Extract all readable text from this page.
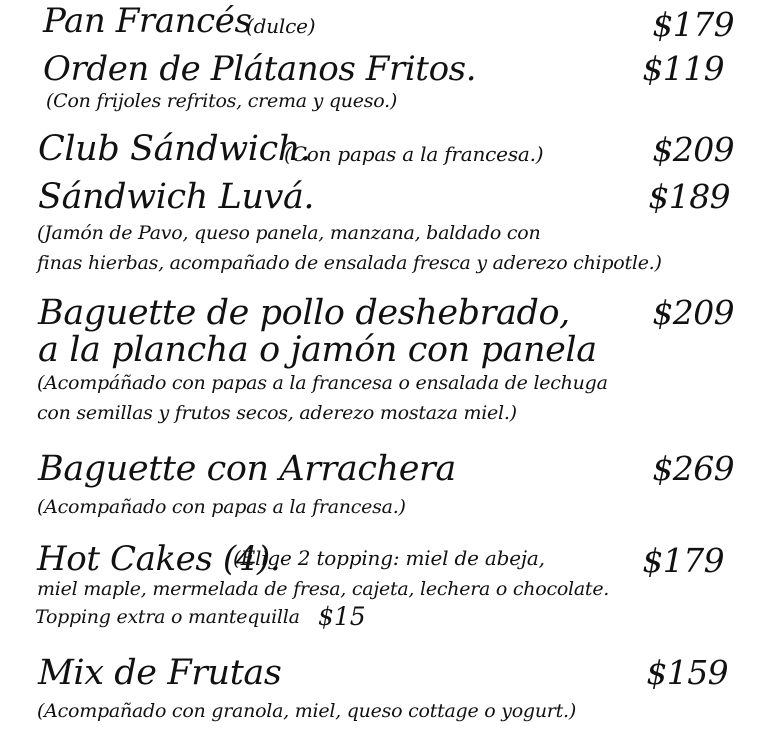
Pan Francés
(dulce)	$179
Orden de Plátanos Fritos.	$119
(Con frijoles refritos, crema y queso.)
Club Sándwich.
(Con papas a la francesa.)	$209
Sándwich Luvá.	$189
(Jamón de Pavo, queso panela, manzana, baldado con
finas hierbas, acompañado de ensalada fresca y aderezo chipotle.)
Baguette de pollo deshebrado,
a la plancha o jamón con panela
$209
(Acompáñado con papas a la francesa o ensalada de lechuga
con semillas y frutos secos, aderezo mostaza miel.)
Baguette con Arrachera	$269
(Acompañado con papas a la francesa.)
Hot Cakes (4).
(Elige 2 topping: miel de abeja,	$179
miel maple, mermelada de fresa, cajeta, lechera o chocolate.
Topping extra o mantequilla $15
Mix de Frutas	$159
(Acompañado con granola, miel, queso cottage o yogurt.)
